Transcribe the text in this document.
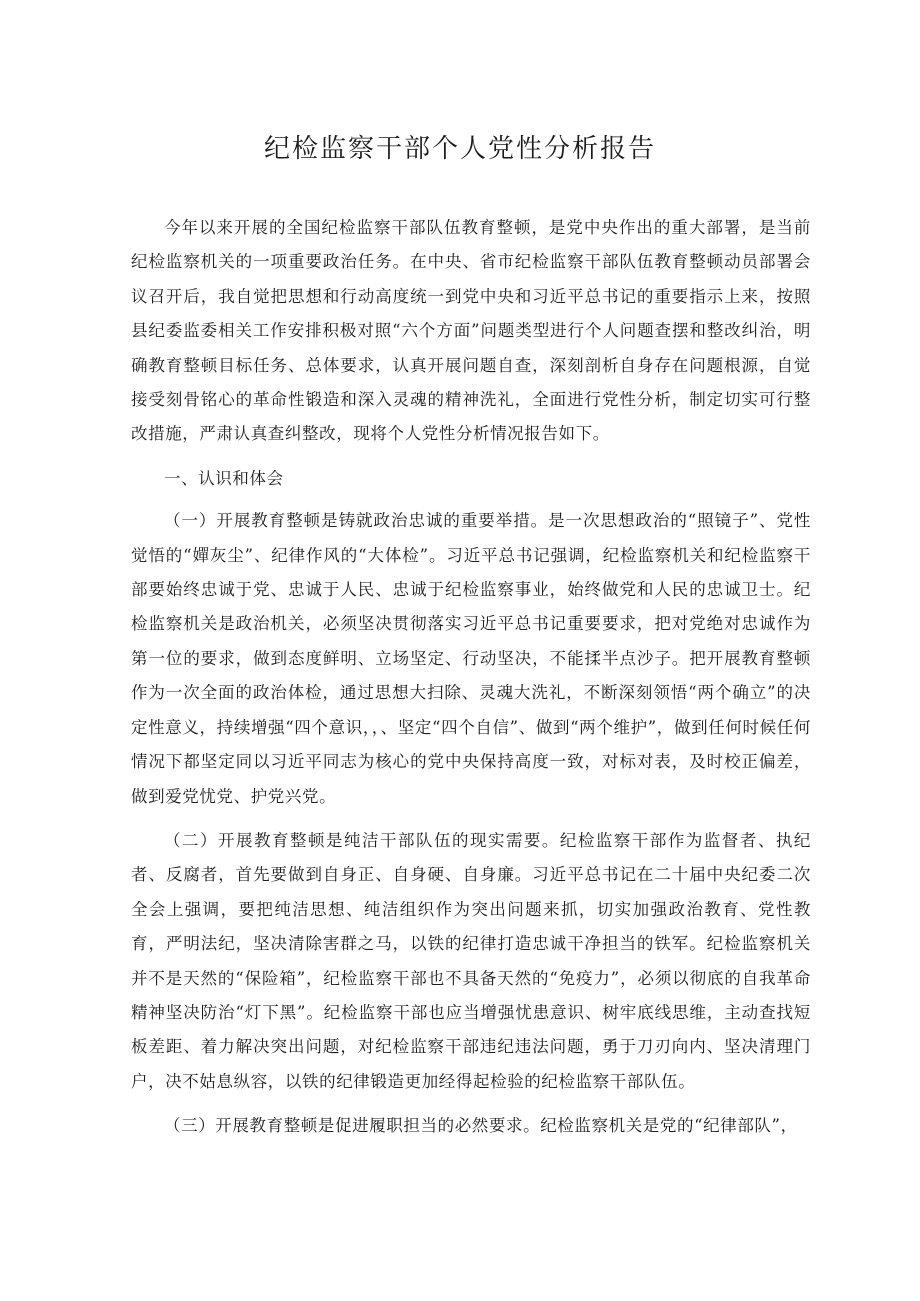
纪检监察干部个人党性分析报告

今年以来开展的全国纪检监察干部队伍教育整顿，是党中央作出的重大部署，是当前纪检监察机关的一项重要政治任务。在中央、省市纪检监察干部队伍教育整顿动员部署会议召开后，我自觉把思想和行动高度统一到党中央和习近平总书记的重要指示上来，按照县纪委监委相关工作安排积极对照“六个方面”问题类型进行个人问题查摆和整改纠治，明确教育整顿目标任务、总体要求，认真开展问题自查，深刻剖析自身存在问题根源，自觉接受刻骨铭心的革命性锻造和深入灵魂的精神洗礼，全面进行党性分析，制定切实可行整改措施，严肃认真查纠整改，现将个人党性分析情况报告如下。

一、认识和体会

（一）开展教育整顿是铸就政治忠诚的重要举措。是一次思想政治的“照镜子”、党性觉悟的“嬋灰尘”、纪律作风的“大体检”。习近平总书记强调，纪检监察机关和纪检监察干部要始终忠诚于党、忠诚于人民、忠诚于纪检监察事业，始终做党和人民的忠诚卫士。纪检监察机关是政治机关，必须坚决贯彻落实习近平总书记重要要求，把对党绝对忠诚作为第一位的要求，做到态度鲜明、立场坚定、行动坚决，不能揉半点沙子。把开展教育整顿作为一次全面的政治体检，通过思想大扫除、灵魂大洗礼，不断深刻领悟“两个确立”的决定性意义，持续增强“四个意识，，、坚定“四个自信”、做到“两个维护”，做到任何时候任何情况下都坚定同以习近平同志为核心的党中央保持高度一致，对标对表，及时校正偏差，做到爱党忧党、护党兴党。

（二）开展教育整顿是纯洁干部队伍的现实需要。纪检监察干部作为监督者、执纪者、反腐者，首先要做到自身正、自身硬、自身廉。习近平总书记在二十届中央纪委二次全会上强调，要把纯洁思想、纯洁组织作为突出问题来抓，切实加强政治教育、党性教育，严明法纪，坚决清除害群之马，以铁的纪律打造忠诚干净担当的铁军。纪检监察机关并不是天然的“保险箱”，纪检监察干部也不具备天然的“免疫力”，必须以彻底的自我革命精神坚决防治“灯下黑”。纪检监察干部也应当增强忧患意识、树牢底线思维，主动查找短板差距、着力解决突出问题，对纪检监察干部违纪违法问题，勇于刀刃向内、坚决清理门户，决不姑息纵容，以铁的纪律锻造更加经得起检验的纪检监察干部队伍。

（三）开展教育整顿是促进履职担当的必然要求。纪检监察机关是党的“纪律部队”，
